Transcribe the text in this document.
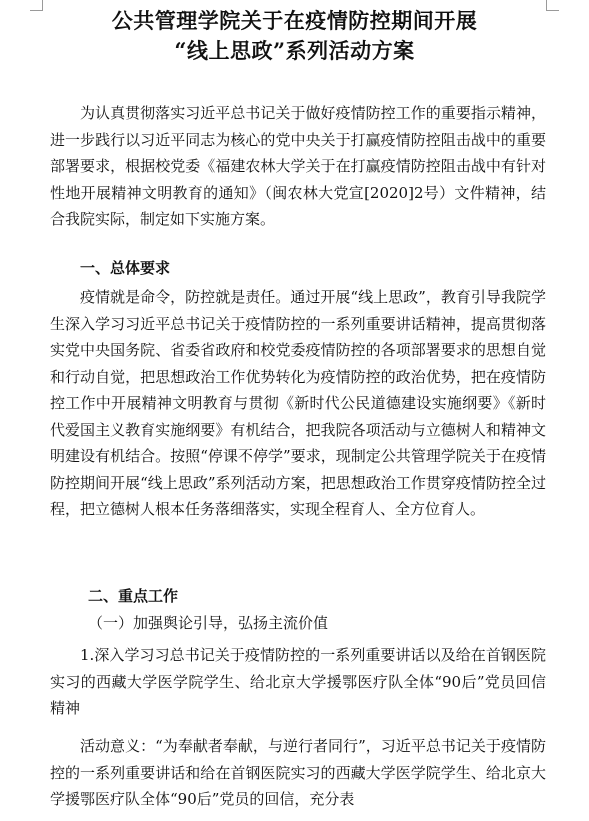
公共管理学院关于在疫情防控期间开展
“线上思政”系列活动方案

为认真贯彻落实习近平总书记关于做好疫情防控工作的重要指示精神，进一步践行以习近平同志为核心的党中央关于打赢疫情防控阻击战中的重要部署要求，根据校党委《福建农林大学关于在打赢疫情防控阻击战中有针对性地开展精神文明教育的通知》（闽农林大党宣[2020]2号）文件精神，结合我院实际，制定如下实施方案。

一、总体要求

疫情就是命令，防控就是责任。通过开展“线上思政”，教育引导我院学生深入学习习近平总书记关于疫情防控的一系列重要讲话精神，提高贯彻落实党中央国务院、省委省政府和校党委疫情防控的各项部署要求的思想自觉和行动自觉，把思想政治工作优势转化为疫情防控的政治优势，把在疫情防控工作中开展精神文明教育与贯彻《新时代公民道德建设实施纲要》《新时代爱国主义教育实施纲要》有机结合，把我院各项活动与立德树人和精神文明建设有机结合。按照“停课不停学”要求，现制定公共管理学院关于在疫情防控期间开展“线上思政”系列活动方案，把思想政治工作贯穿疫情防控全过程，把立德树人根本任务落细落实，实现全程育人、全方位育人。

二、重点工作
（一）加强舆论引导，弘扬主流价值

1.深入学习习总书记关于疫情防控的一系列重要讲话以及给在首钢医院实习的西藏大学医学院学生、给北京大学援鄂医疗队全体“90后”党员回信精神

活动意义：“为奉献者奉献，与逆行者同行”，习近平总书记关于疫情防控的一系列重要讲话和给在首钢医院实习的西藏大学医学院学生、给北京大学援鄂医疗队全体“90后”党员的回信，充分表
